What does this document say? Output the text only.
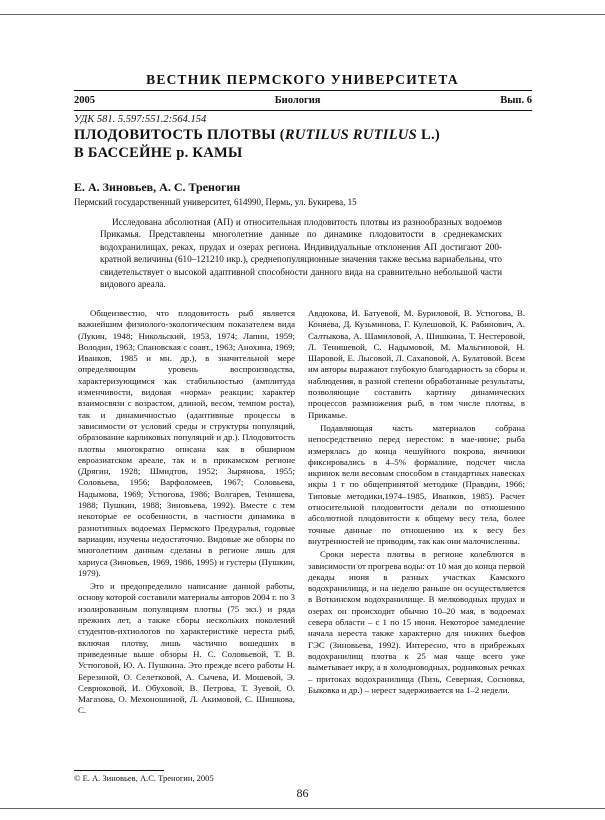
ВЕСТНИК ПЕРМСКОГО УНИВЕРСИТЕТА
2005	Биология	Вып. 6
УДК 581. 5.597:551.2:564.154
ПЛОДОВИТОСТЬ ПЛОТВЫ (RUTILUS RUTILUS L.)
В БАССЕЙНЕ р. КАМЫ
Е. А. Зиновьев, А. С. Треногин
Пермский государственный университет, 614990, Пермь, ул. Букирева, 15

Исследована абсолютная (АП) и относительная плодовитость плотвы из разнообразных водоемов Прикамья. Представлены многолетние данные по динамике плодовитости в среднекамских водохранилищах, реках, прудах и озерах региона. Индивидуальные отклонения АП достигают 200-кратной величины (610–121210 икр.), среднепопуляционные значения также весьма вариабельны, что свидетельствует о высокой адаптивной способности данного вида на сравнительно небольшой части видового ареала.

Общеизвестно, что плодовитость рыб является важнейшим физиолого-экологическим показателем вида (Лукин, 1948; Никольский, 1953, 1974; Лапин, 1959; Володин, 1963; Спановская с соавт., 1963; Анохина, 1969; Иванков, 1985 и мн. др.), в значительной мере определяющим уровень воспроизводства, характеризующимся как стабильностью (амплитуда изменчивости, видовая «норма» реакции; характер взаимосвязи с возрастом, длиной, весом, темпом роста), так и динамичностью (адаптивные процессы в зависимости от условий среды и структуры популяций, образование карликовых популяций и др.). Плодовитость плотвы многократно описана как в обширном евроазиатском ареале, так и в прикамском регионе (Дрягин, 1928; Шмидтов, 1952; Зырянова, 1955; Соловьева, 1956; Варфоломеев, 1967; Соловьева, Надымова, 1969; Устюгова, 1986; Волгарев, Тенишева, 1988; Пушкин, 1988; Зиновьева, 1992). Вместе с тем некоторые ее особенности, в частности динамика в разнотипных водоемах Пермского Предуралья, годовые вариации, изучены недостаточно. Видовые же обзоры по многолетним данным сделаны в регионе лишь для хариуса (Зиновьев, 1969, 1986, 1995) и густеры (Пушкин, 1979).

Это и предопределило написание данной работы, основу которой составили материалы авторов 2004 г. по 3 изолированным популяциям плотвы (75 экз.) и ряда прежних лет, а также сборы нескольких поколений студентов-ихтиологов по характеристике нереста рыб, включая плотву, лишь частично вошедших в приведенные выше обзоры Н. С. Соловьевой, Т. В. Устюговой, Ю. А. Пушкина. Это прежде всего работы Н. Березиной, О. Селетковой, А. Сычева, И. Мошевой, Э. Севрюковой, И. Обуховой, В. Петрова, Т. Зуевой, О. Магазова, О. Мехоношиной, Л. Акимовой, С. Шишкова, С.

Авдюкова, И. Батуевой, М. Буриловой, В. Устюгова, В. Коняева, Д. Кузьминова, Г. Кулешовой, К. Рабинович, А. Салтыкова, А. Шамиловой, А. Шишкина, Т. Нестеровой, Л. Тенишевой, С. Надымовой, М. Мальгиновой, Н. Шаровой, Е. Лысовой, Л. Сахаповой, А. Булатовой. Всем им авторы выражают глубокую благодарность за сборы и наблюдения, в разной степени обработанные результаты, позволяющие составить картину динамических процессов размножения рыб, в том числе плотвы, в Прикамье.

Подавляющая часть материалов собрана непосредственно перед нерестом: в мае-июне; рыба измерялась до конца чешуйного покрова, яичники фиксировались в 4–5% формалине, подсчет числа икринок вели весовым способом в стандартных навесках икры 1 г по общепринятой методике (Правдин, 1966; Типовые методики,1974–1985, Иванков, 1985). Расчет относительной плодовитости делали по отношению абсолютной плодовитости к общему весу тела, более точные данные по отношению их к весу без внутренностей не приводим, так как они малочисленны.

Сроки нереста плотвы в регионе колеблются в зависимости от прогрева воды: от 10 мая до конца первой декады июня в разных участках Камского водохранилища, и на неделю раньше он осуществляется в Воткинском водохранилище. В мелководных прудах и озерах он происходит обычно 10–20 мая, в водоемах севера области – с 1 по 15 июня. Некоторое замедление начала нереста также характерно для нижних бьефов ГЭС (Зиновьева, 1992). Интересно, что в прибрежьях водохранилищ плотва к 25 мая чаще всего уже выметывает икру, а в холодноводных, родниковых речках – притоках водохранилища (Пизь, Северная, Сосновка, Быковка и др.) – нерест задерживается на 1–2 недели.

© Е. А. Зиновьев, А.С. Треногин, 2005
86
